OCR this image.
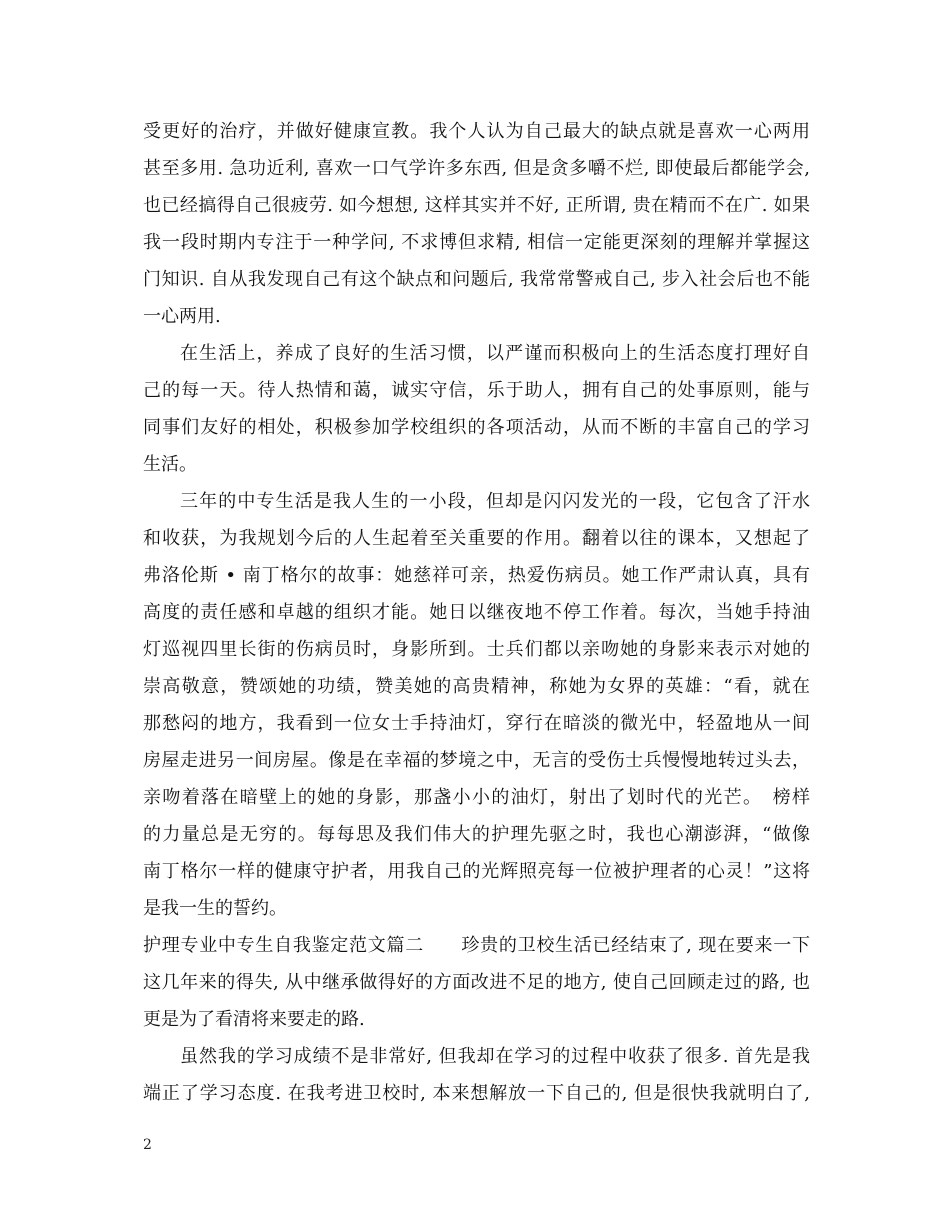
受更好的治疗，并做好健康宣教。我个人认为自己最大的缺点就是喜欢一心两用
甚至多用. 急功近利, 喜欢一口气学许多东西, 但是贪多嚼不烂, 即使最后都能学会,
也已经搞得自己很疲劳. 如今想想, 这样其实并不好, 正所谓, 贵在精而不在广. 如果
我一段时期内专注于一种学问, 不求博但求精, 相信一定能更深刻的理解并掌握这
门知识. 自从我发现自己有这个缺点和问题后, 我常常警戒自己, 步入社会后也不能
一心两用.
在生活上，养成了良好的生活习惯，以严谨而积极向上的生活态度打理好自
己的每一天。待人热情和蔼，诚实守信，乐于助人，拥有自己的处事原则，能与
同事们友好的相处，积极参加学校组织的各项活动，从而不断的丰富自己的学习
生活。
三年的中专生活是我人生的一小段，但却是闪闪发光的一段，它包含了汗水
和收获，为我规划今后的人生起着至关重要的作用。翻着以往的课本，又想起了
弗洛伦斯 • 南丁格尔的故事：她慈祥可亲，热爱伤病员。她工作严肃认真，具有
高度的责任感和卓越的组织才能。她日以继夜地不停工作着。每次，当她手持油
灯巡视四里长街的伤病员时，身影所到。士兵们都以亲吻她的身影来表示对她的
崇高敬意，赞颂她的功绩，赞美她的高贵精神，称她为女界的英雄：“看，就在
那愁闷的地方，我看到一位女士手持油灯，穿行在暗淡的微光中，轻盈地从一间
房屋走进另一间房屋。像是在幸福的梦境之中，无言的受伤士兵慢慢地转过头去，
亲吻着落在暗壁上的她的身影，那盏小小的油灯，射出了划时代的光芒。　榜样
的力量总是无穷的。每每思及我们伟大的护理先驱之时，我也心潮澎湃，“做像
南丁格尔一样的健康守护者，用我自己的光辉照亮每一位被护理者的心灵！”这将
是我一生的誓约。
护理专业中专生自我鉴定范文篇二　　珍贵的卫校生活已经结束了, 现在要来一下
这几年来的得失, 从中继承做得好的方面改进不足的地方, 使自己回顾走过的路, 也
更是为了看清将来要走的路.
虽然我的学习成绩不是非常好, 但我却在学习的过程中收获了很多. 首先是我
端正了学习态度. 在我考进卫校时, 本来想解放一下自己的, 但是很快我就明白了,
2
